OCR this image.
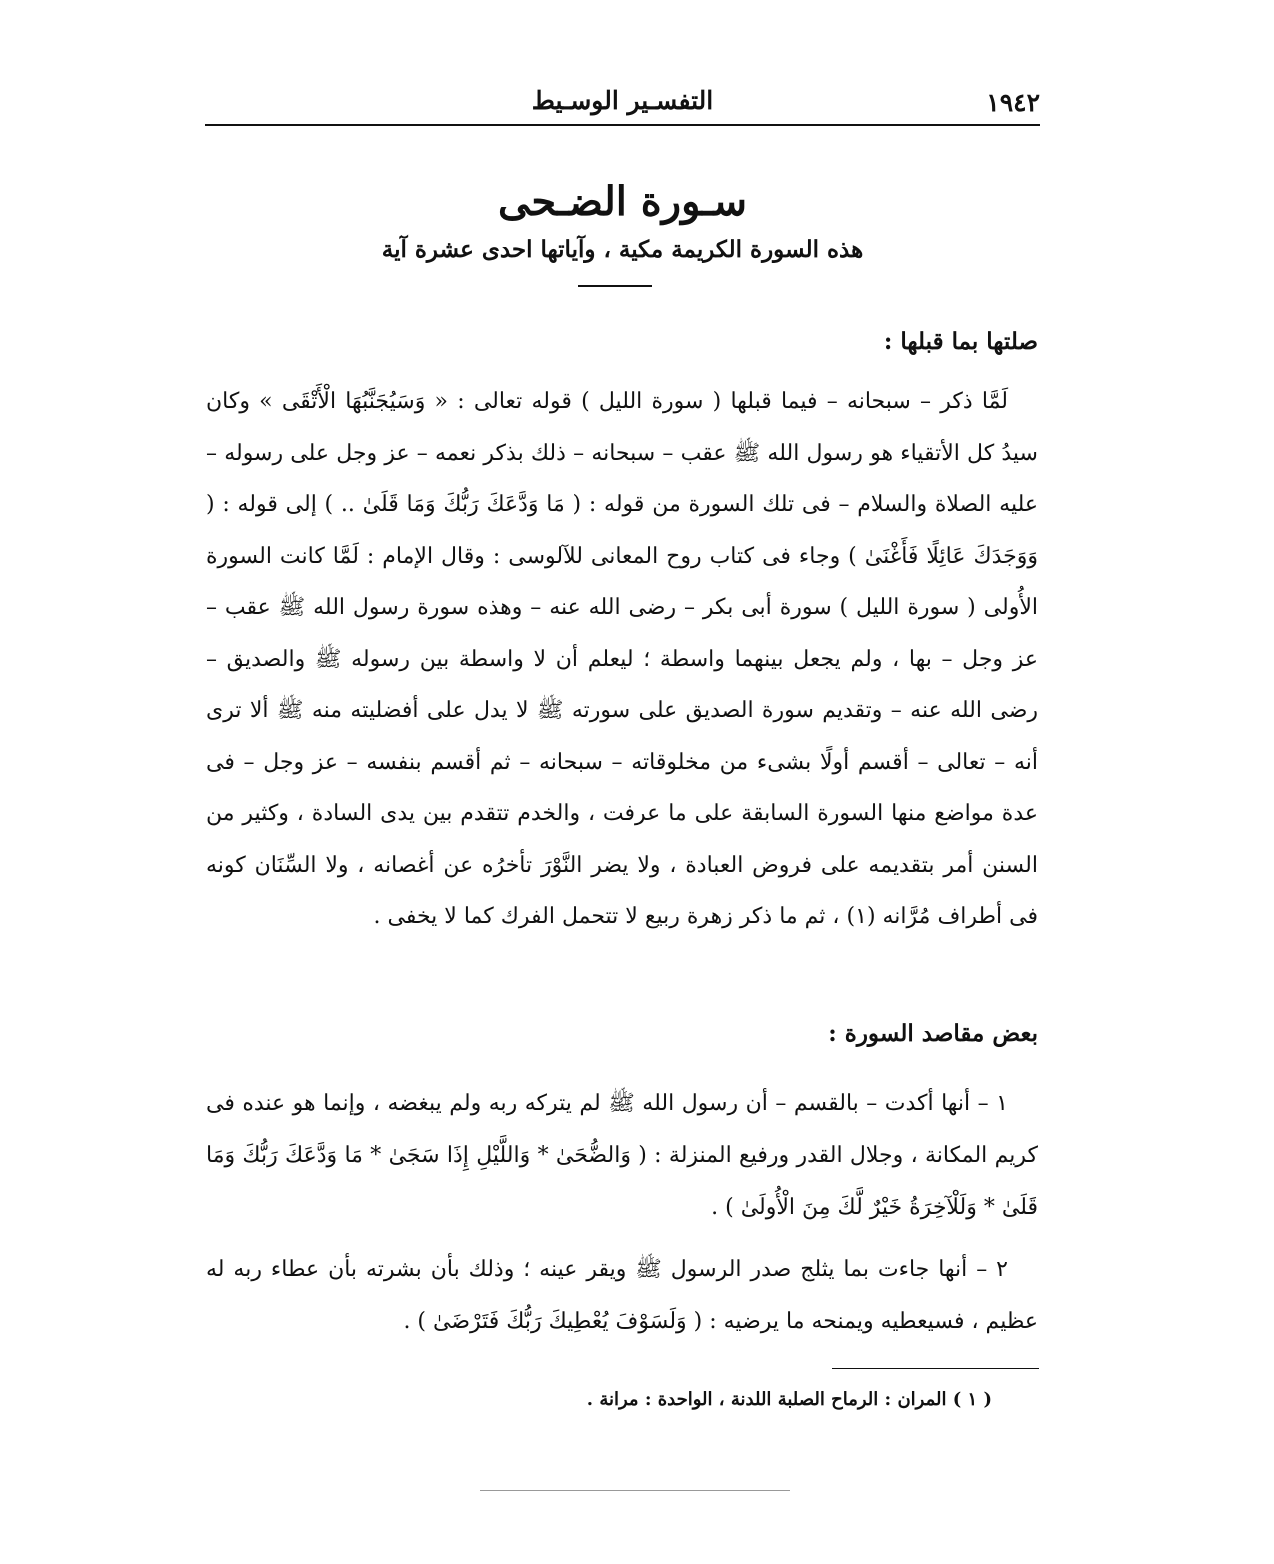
١٩٤٢
التفسـير الوسـيط
سـورة الضـحى
هذه السورة الكريمة مكية ، وآياتها احدى عشرة آية
صلتها بما قبلها :

لَمَّا ذكر – سبحانه – فيما قبلها ( سورة الليل ) قوله تعالى : « وَسَيُجَنَّبُهَا الْأَتْقَى » وكان سيدُ كل الأتقياء هو رسول الله ﷺ عقب – سبحانه – ذلك بذكر نعمه – عز وجل على رسوله – عليه الصلاة والسلام – فى تلك السورة من قوله : ( مَا وَدَّعَكَ رَبُّكَ وَمَا قَلَىٰ .. ) إلى قوله : ( وَوَجَدَكَ عَائِلًا فَأَغْنَىٰ ) وجاء فى كتاب روح المعانى للآلوسى : وقال الإمام : لَمَّا كانت السورة الأُولى ( سورة الليل ) سورة أبى بكر – رضى الله عنه – وهذه سورة رسول الله ﷺ عقب – عز وجل – بها ، ولم يجعل بينهما واسطة ؛ ليعلم أن لا واسطة بين رسوله ﷺ والصديق – رضى الله عنه – وتقديم سورة الصديق على سورته ﷺ لا يدل على أفضليته منه ﷺ ألا ترى أنه – تعالى – أقسم أولًا بشىء من مخلوقاته – سبحانه – ثم أقسم بنفسه – عز وجل – فى عدة مواضع منها السورة السابقة على ما عرفت ، والخدم تتقدم بين يدى السادة ، وكثير من السنن أمر بتقديمه على فروض العبادة ، ولا يضر النَّوْرَ تأخرُه عن أغصانه ، ولا السِّنَان كونه فى أطراف مُرَّانه (١) ، ثم ما ذكر زهرة ربيع لا تتحمل الفرك كما لا يخفى .

بعض مقاصد السورة :

١ – أنها أكدت – بالقسم – أن رسول الله ﷺ لم يتركه ربه ولم يبغضه ، وإنما هو عنده فى كريم المكانة ، وجلال القدر ورفيع المنزلة : ( وَالضُّحَىٰ * وَاللَّيْلِ إِذَا سَجَىٰ * مَا وَدَّعَكَ رَبُّكَ وَمَا قَلَىٰ * وَلَلْآخِرَةُ خَيْرٌ لَّكَ مِنَ الْأُولَىٰ ) .

٢ – أنها جاءت بما يثلج صدر الرسول ﷺ ويقر عينه ؛ وذلك بأن بشرته بأن عطاء ربه له عظيم ، فسيعطيه ويمنحه ما يرضيه : ( وَلَسَوْفَ يُعْطِيكَ رَبُّكَ فَتَرْضَىٰ ) .

( ١ ) المران : الرماح الصلبة اللدنة ، الواحدة : مرانة .
